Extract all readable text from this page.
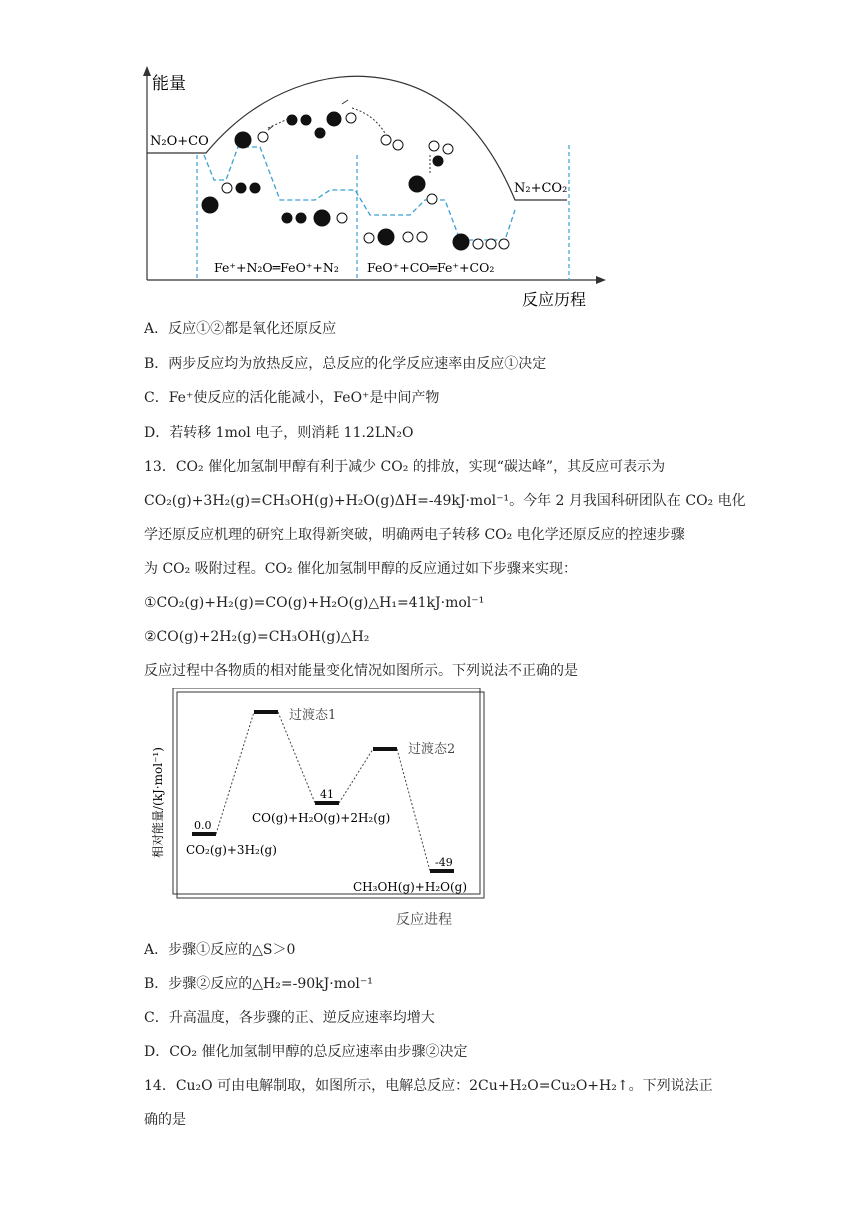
能量
反应历程
N₂O+CO
N₂+CO₂
Fe⁺+N₂O═FeO⁺+N₂ FeO⁺+CO═Fe⁺+CO₂
A．反应①②都是氧化还原反应
B．两步反应均为放热反应，总反应的化学反应速率由反应①决定
C．Fe⁺使反应的活化能减小，FeO⁺是中间产物
D．若转移 1mol 电子，则消耗 11.2LN₂O
13．CO₂ 催化加氢制甲醇有利于减少 CO₂ 的排放，实现“碳达峰”，其反应可表示为
CO₂(g)+3H₂(g)=CH₃OH(g)+H₂O(g)ΔH=-49kJ·mol⁻¹。今年 2 月我国科研团队在 CO₂ 电化
学还原反应机理的研究上取得新突破，明确两电子转移 CO₂ 电化学还原反应的控速步骤
为 CO₂ 吸附过程。CO₂ 催化加氢制甲醇的反应通过如下步骤来实现：
①CO₂(g)+H₂(g)=CO(g)+H₂O(g)△H₁=41kJ·mol⁻¹
②CO(g)+2H₂(g)=CH₃OH(g)△H₂
反应过程中各物质的相对能量变化情况如图所示。下列说法不正确的是
相对能量/(kJ·mol⁻¹)
反应进程
过渡态1
过渡态2
0.0
41
-49
CO₂(g)+3H₂(g)
CO(g)+H₂O(g)+2H₂(g)
CH₃OH(g)+H₂O(g)
A．步骤①反应的△S＞0
B．步骤②反应的△H₂=-90kJ·mol⁻¹
C．升高温度，各步骤的正、逆反应速率均增大
D．CO₂ 催化加氢制甲醇的总反应速率由步骤②决定
14．Cu₂O 可由电解制取，如图所示，电解总反应：2Cu+H₂O=Cu₂O+H₂↑。下列说法正
确的是
